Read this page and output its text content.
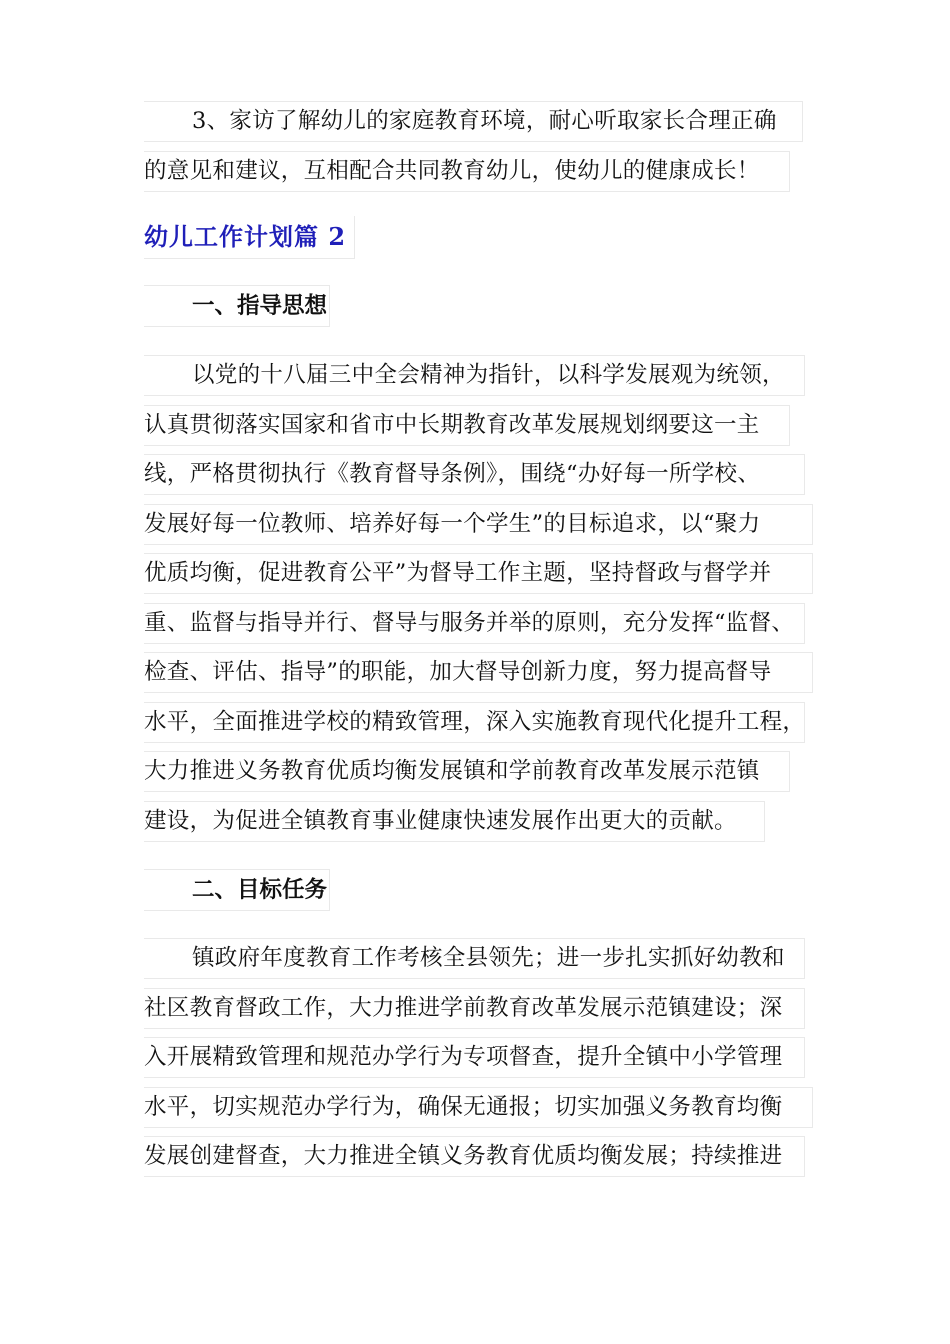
3、家访了解幼儿的家庭教育环境，耐心听取家长合理正确
的意见和建议，互相配合共同教育幼儿，使幼儿的健康成长！
幼儿工作计划篇 2
一、指导思想
以党的十八届三中全会精神为指针，以科学发展观为统领，
认真贯彻落实国家和省市中长期教育改革发展规划纲要这一主
线，严格贯彻执行《教育督导条例》，围绕“办好每一所学校、
发展好每一位教师、培养好每一个学生”的目标追求，以“聚力
优质均衡，促进教育公平”为督导工作主题，坚持督政与督学并
重、监督与指导并行、督导与服务并举的原则，充分发挥“监督、
检查、评估、指导”的职能，加大督导创新力度，努力提高督导
水平，全面推进学校的精致管理，深入实施教育现代化提升工程，
大力推进义务教育优质均衡发展镇和学前教育改革发展示范镇
建设，为促进全镇教育事业健康快速发展作出更大的贡献。
二、目标任务
镇政府年度教育工作考核全县领先；进一步扎实抓好幼教和
社区教育督政工作，大力推进学前教育改革发展示范镇建设；深
入开展精致管理和规范办学行为专项督查，提升全镇中小学管理
水平，切实规范办学行为，确保无通报；切实加强义务教育均衡
发展创建督查，大力推进全镇义务教育优质均衡发展；持续推进
